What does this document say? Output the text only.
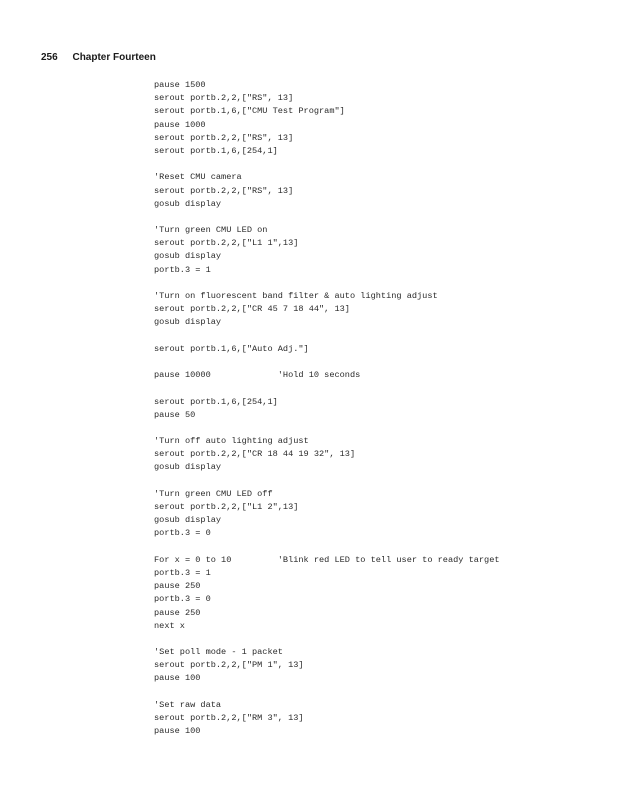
256 Chapter Fourteen
pause 1500
serout portb.2,2,["RS", 13]
serout portb.1,6,["CMU Test Program"]
pause 1000
serout portb.2,2,["RS", 13]
serout portb.1,6,[254,1]
'Reset CMU camera
serout portb.2,2,["RS", 13]
gosub display
'Turn green CMU LED on
serout portb.2,2,["L1 1",13]
gosub display
portb.3 = 1
'Turn on fluorescent band filter & auto lighting adjust
serout portb.2,2,["CR 45 7 18 44", 13]
gosub display
serout portb.1,6,["Auto Adj."]
pause 10000             'Hold 10 seconds
serout portb.1,6,[254,1]
pause 50
'Turn off auto lighting adjust
serout portb.2,2,["CR 18 44 19 32", 13]
gosub display
'Turn green CMU LED off
serout portb.2,2,["L1 2",13]
gosub display
portb.3 = 0
For x = 0 to 10         'Blink red LED to tell user to ready target
portb.3 = 1
pause 250
portb.3 = 0
pause 250
next x
'Set poll mode - 1 packet
serout portb.2,2,["PM 1", 13]
pause 100
'Set raw data
serout portb.2,2,["RM 3", 13]
pause 100
